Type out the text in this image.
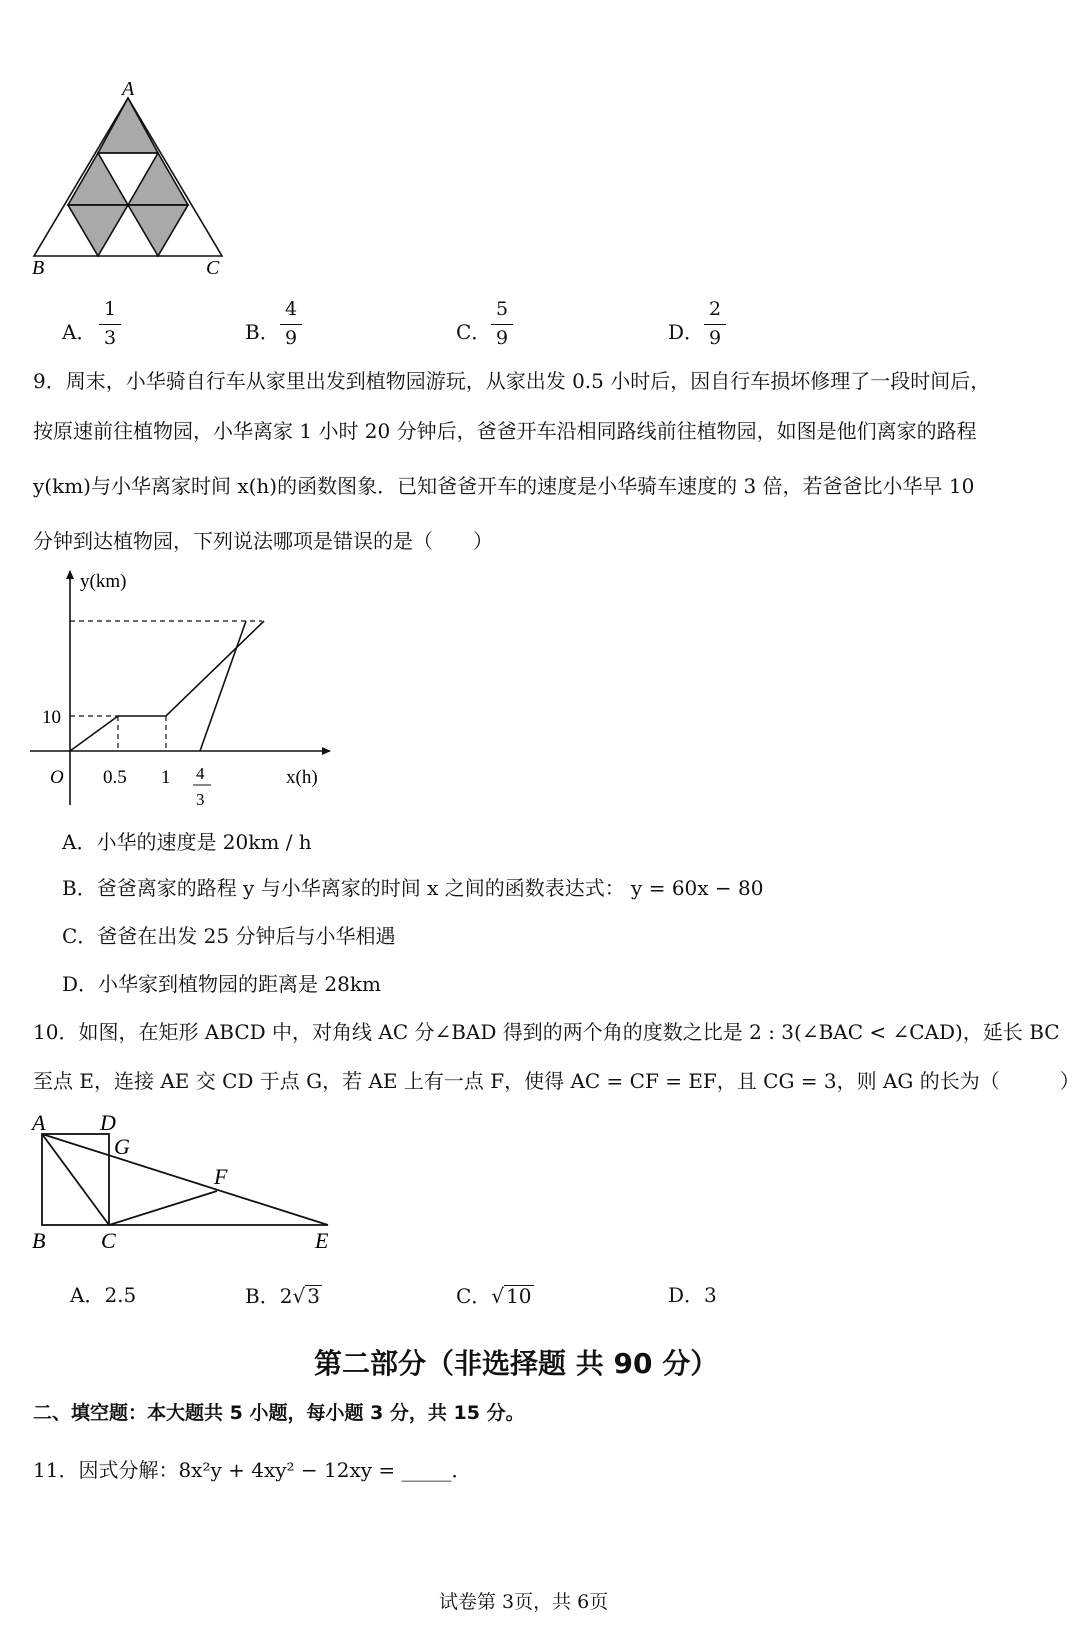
A
B	C
A．
1
3	B．
4
9	C．
5
9	D．
2
9
9．周末，小华骑自行车从家里出发到植物园游玩，从家出发 0.5 小时后，因自行车损坏修理了一段时间后，
按原速前往植物园，小华离家 1 小时 20 分钟后，爸爸开车沿相同路线前往植物园，如图是他们离家的路程
y(km)与小华离家时间 x(h)的函数图象．已知爸爸开车的速度是小华骑车速度的 3 倍，若爸爸比小华早 10
分钟到达植物园，下列说法哪项是错误的是（　　）
y(km)
x(h)
O
10
0.5 1 4
3
A．小华的速度是 20km / h
B．爸爸离家的路程 y 与小华离家的时间 x 之间的函数表达式： y = 60x − 80
C．爸爸在出发 25 分钟后与小华相遇
D．小华家到植物园的距离是 28km
10．如图，在矩形 ABCD 中，对角线 AC 分∠BAD 得到的两个角的度数之比是 2 : 3(∠BAC < ∠CAD)，延长 BC
至点 E，连接 AE 交 CD 于点 G，若 AE 上有一点 F，使得 AC = CF = EF，且 CG = 3，则 AG 的长为（　　　）
A D
G
F
B	C	E
A．2.5	B．2√ 3	C．√ 10	D．3
第二部分（非选择题 共 90 分）
二、填空题：本大题共 5 小题，每小题 3 分，共 15 分。
11．因式分解：8x²y + 4xy² − 12xy = _____．
试卷第 3页，共 6页
